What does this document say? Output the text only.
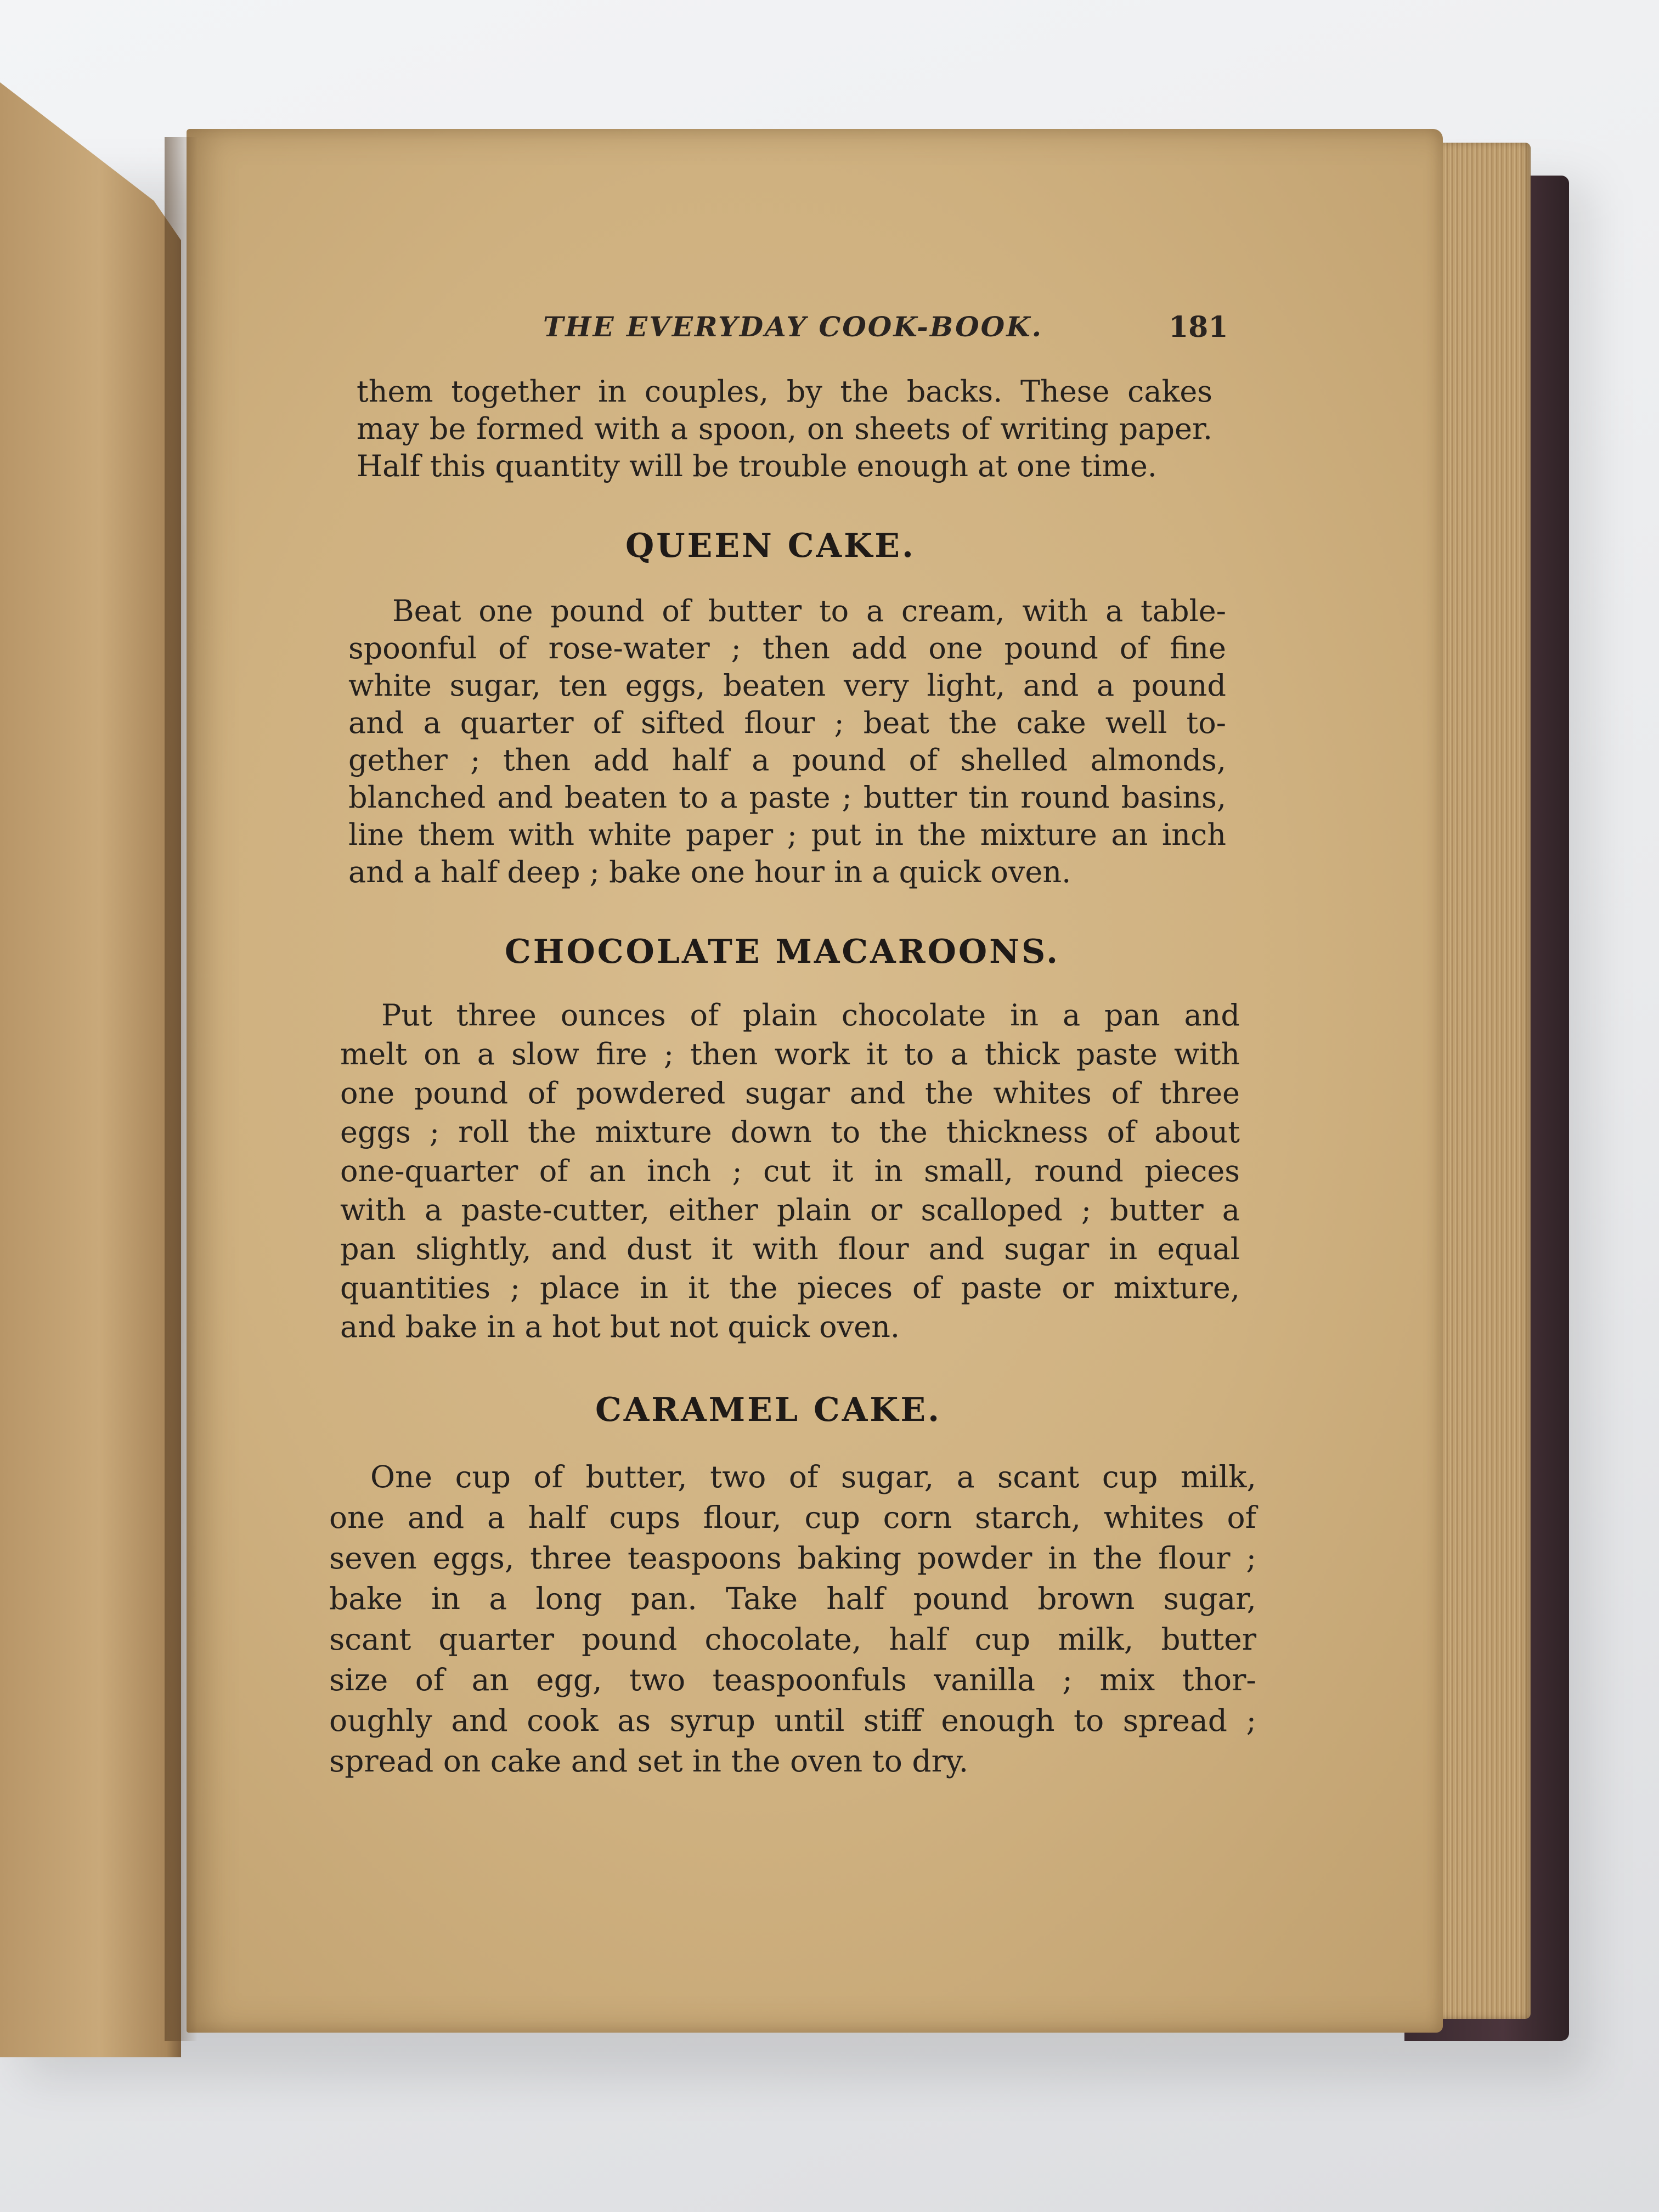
THE EVERYDAY COOK-BOOK.	181
them together in couples, by the backs. These cakes
may be formed with a spoon, on sheets of writing paper.
Half this quantity will be trouble enough at one time.
QUEEN CAKE.
Beat one pound of butter to a cream, with a table-
spoonful of rose-water ; then add one pound of fine
white sugar, ten eggs, beaten very light, and a pound
and a quarter of sifted flour ; beat the cake well to-
gether ; then add half a pound of shelled almonds,
blanched and beaten to a paste ; butter tin round basins,
line them with white paper ; put in the mixture an inch
and a half deep ; bake one hour in a quick oven.
CHOCOLATE MACAROONS.
Put three ounces of plain chocolate in a pan and
melt on a slow fire ; then work it to a thick paste with
one pound of powdered sugar and the whites of three
eggs ; roll the mixture down to the thickness of about
one-quarter of an inch ; cut it in small, round pieces
with a paste-cutter, either plain or scalloped ; butter a
pan slightly, and dust it with flour and sugar in equal
quantities ; place in it the pieces of paste or mixture,
and bake in a hot but not quick oven.
CARAMEL CAKE.
One cup of butter, two of sugar, a scant cup milk,
one and a half cups flour, cup corn starch, whites of
seven eggs, three teaspoons baking powder in the flour ;
bake in a long pan. Take half pound brown sugar,
scant quarter pound chocolate, half cup milk, butter
size of an egg, two teaspoonfuls vanilla ; mix thor-
oughly and cook as syrup until stiff enough to spread ;
spread on cake and set in the oven to dry.
